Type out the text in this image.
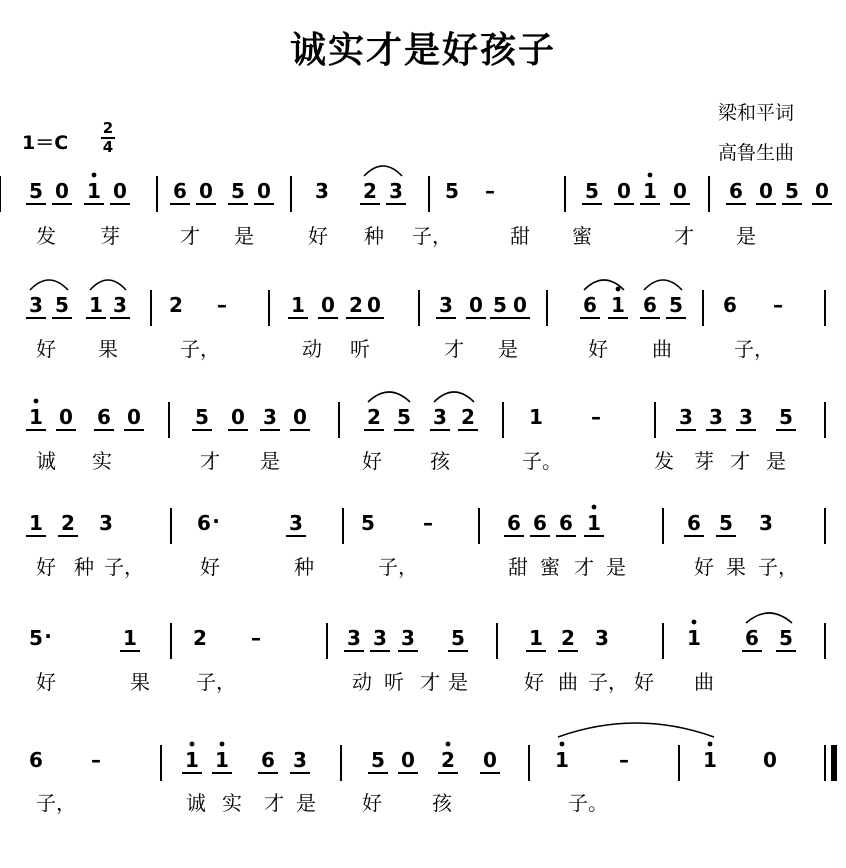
诚实才是好孩子
梁和平词
高鲁生曲
1＝C
2
4
5 0 1 0 6 0 5 0 3 2 3 5 –	5 0 1 0 6 0 5 0
发 芽	才 是	好 种 子，	甜 蜜	才 是
3 5 1 3 2 –	1 0 2 0	3 0 5 0	6 1 6 5 6 –
好 果	子，	动 听	才 是	好 曲	子，
1 0 6 0	5 0 3 0	2 5 3 2	1 –	3 3 3 5
诚 实	才 是	好 孩	子。	发 芽 才 是
1 2 3	6 ·	3	5 –	6 6 6 1	6 5 3
好 种 子，	好	种	子，	甜 蜜 才 是	好 果 子，
5 ·	1	2 –	3 3 3 5	1 2 3	1 6 5
好	果 子，	动 听 才 是	好 曲 子， 好 曲
6 –	1 1 6 3	5 0 2 0	1	–	1 0
子，	诚 实 才 是 好	孩	子。
